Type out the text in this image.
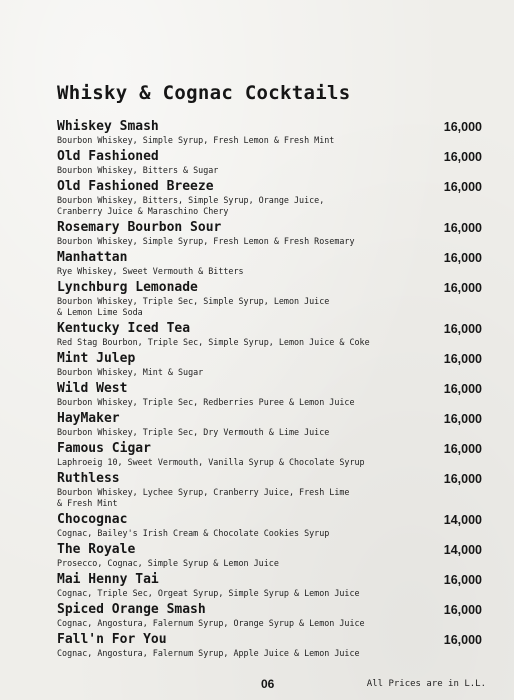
Whisky & Cognac Cocktails
Whiskey Smash	16,000
Bourbon Whiskey, Simple Syrup, Fresh Lemon & Fresh Mint
Old Fashioned	16,000
Bourbon Whiskey, Bitters & Sugar
Old Fashioned Breeze	16,000
Bourbon Whiskey, Bitters, Simple Syrup, Orange Juice,
Cranberry Juice & Maraschino Chery
Rosemary Bourbon Sour	16,000
Bourbon Whiskey, Simple Syrup, Fresh Lemon & Fresh Rosemary
Manhattan	16,000
Rye Whiskey, Sweet Vermouth & Bitters
Lynchburg Lemonade	16,000
Bourbon Whiskey, Triple Sec, Simple Syrup, Lemon Juice
& Lemon Lime Soda
Kentucky Iced Tea	16,000
Red Stag Bourbon, Triple Sec, Simple Syrup, Lemon Juice & Coke
Mint Julep	16,000
Bourbon Whiskey, Mint & Sugar
Wild West	16,000
Bourbon Whiskey, Triple Sec, Redberries Puree & Lemon Juice
HayMaker	16,000
Bourbon Whiskey, Triple Sec, Dry Vermouth & Lime Juice
Famous Cigar	16,000
Laphroeig 10, Sweet Vermouth, Vanilla Syrup & Chocolate Syrup
Ruthless	16,000
Bourbon Whiskey, Lychee Syrup, Cranberry Juice, Fresh Lime
& Fresh Mint
Chocognac	14,000
Cognac, Bailey's Irish Cream & Chocolate Cookies Syrup
The Royale	14,000
Prosecco, Cognac, Simple Syrup & Lemon Juice
Mai Henny Tai	16,000
Cognac, Triple Sec, Orgeat Syrup, Simple Syrup & Lemon Juice
Spiced Orange Smash	16,000
Cognac, Angostura, Falernum Syrup, Orange Syrup & Lemon Juice
Fall'n For You	16,000
Cognac, Angostura, Falernum Syrup, Apple Juice & Lemon Juice
06	All Prices are in L.L.
